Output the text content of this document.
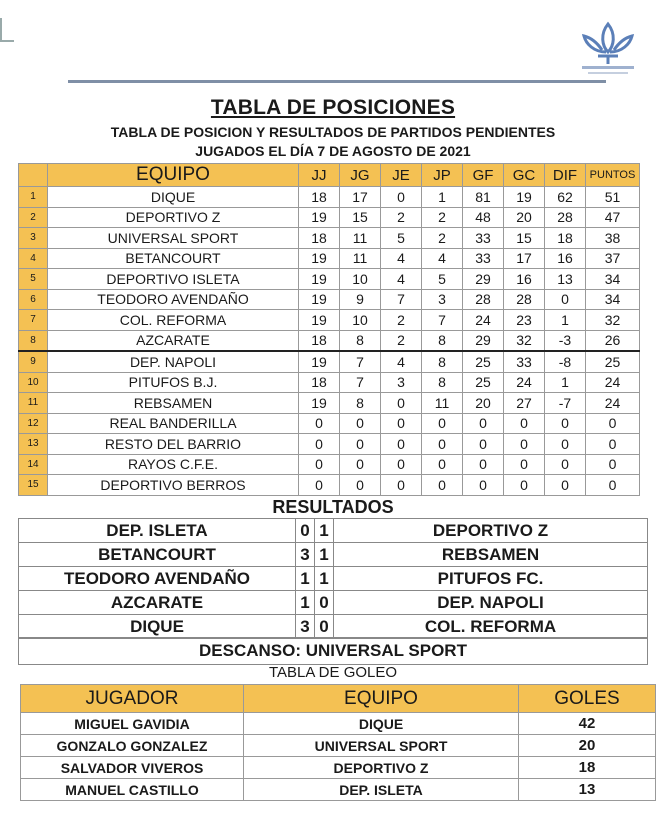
TABLA DE POSICIONES
TABLA DE POSICION Y RESULTADOS DE PARTIDOS PENDIENTES
JUGADOS EL DÍA 7 DE AGOSTO DE 2021
	EQUIPO	JJ	JG	JE	JP	GF	GC	DIF	PUNTOS
1	DIQUE	18	17	0	1	81	19	62	51
2	DEPORTIVO Z	19	15	2	2	48	20	28	47
3	UNIVERSAL SPORT	18	11	5	2	33	15	18	38
4	BETANCOURT	19	11	4	4	33	17	16	37
5	DEPORTIVO ISLETA	19	10	4	5	29	16	13	34
6	TEODORO AVENDAÑO	19	9	7	3	28	28	0	34
7	COL. REFORMA	19	10	2	7	24	23	1	32
8	AZCARATE	18	8	2	8	29	32	-3	26
9	DEP. NAPOLI	19	7	4	8	25	33	-8	25
10	PITUFOS B.J.	18	7	3	8	25	24	1	24
11	REBSAMEN	19	8	0	11	20	27	-7	24
12	REAL BANDERILLA	0	0	0	0	0	0	0	0
13	RESTO DEL BARRIO	0	0	0	0	0	0	0	0
14	RAYOS C.F.E.	0	0	0	0	0	0	0	0
15	DEPORTIVO BERROS	0	0	0	0	0	0	0	0
RESULTADOS
DEP. ISLETA	0	1	DEPORTIVO Z
BETANCOURT	3	1	REBSAMEN
TEODORO AVENDAÑO	1	1	PITUFOS FC.
AZCARATE	1	0	DEP. NAPOLI
DIQUE	3	0	COL. REFORMA
DESCANSO: UNIVERSAL SPORT
TABLA DE GOLEO
JUGADOR	EQUIPO	GOLES
MIGUEL GAVIDIA	DIQUE	42
GONZALO GONZALEZ	UNIVERSAL SPORT	20
SALVADOR VIVEROS	DEPORTIVO Z	18
MANUEL CASTILLO	DEP. ISLETA	13
